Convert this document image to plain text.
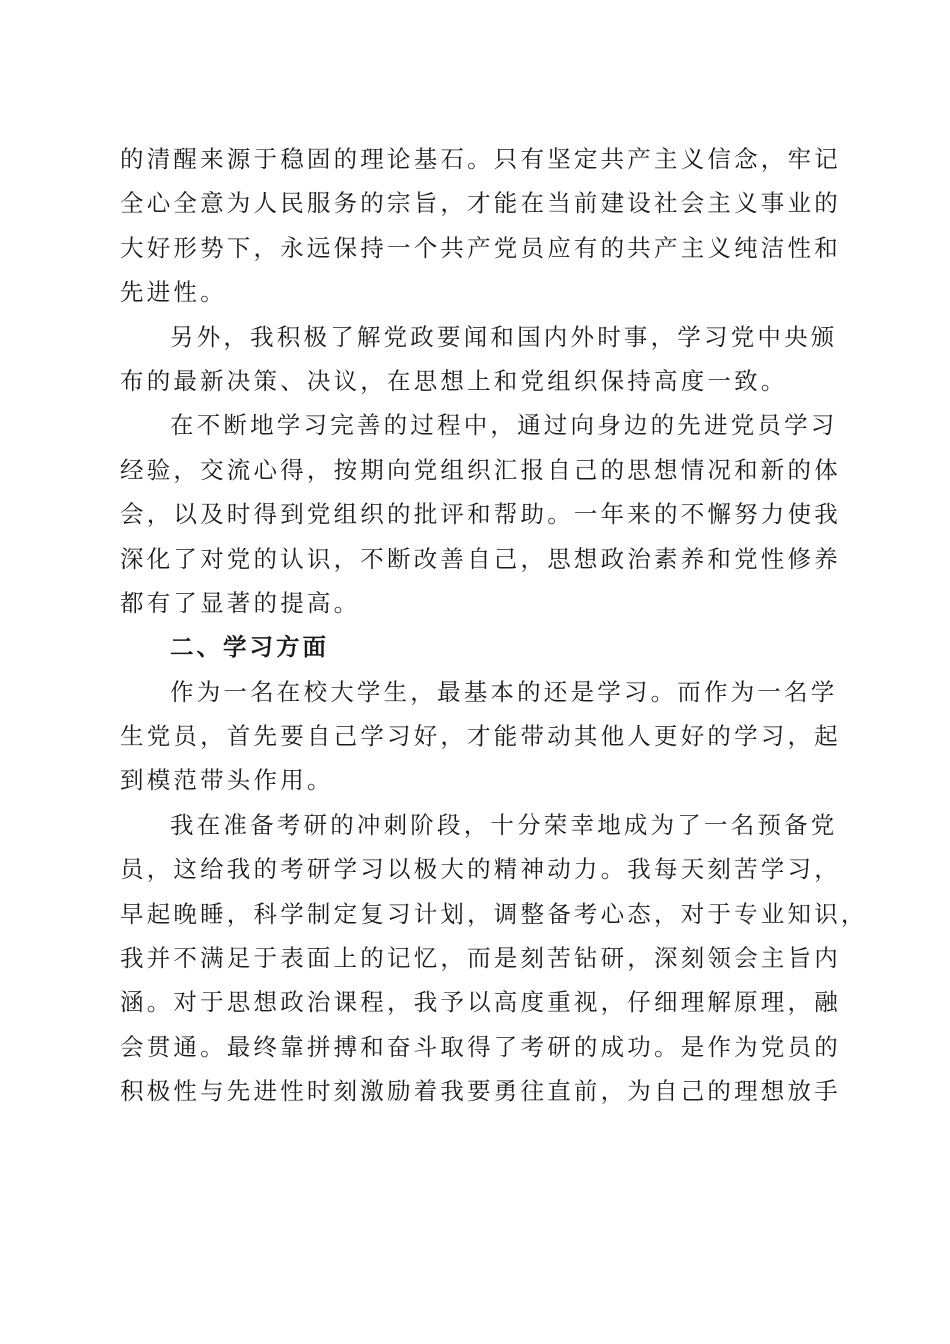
的清醒来源于稳固的理论基石。只有坚定共产主义信念，牢记
全心全意为人民服务的宗旨，才能在当前建设社会主义事业的
大好形势下，永远保持一个共产党员应有的共产主义纯洁性和
先进性。
另外，我积极了解党政要闻和国内外时事，学习党中央颁
布的最新决策、决议，在思想上和党组织保持高度一致。
在不断地学习完善的过程中，通过向身边的先进党员学习
经验，交流心得，按期向党组织汇报自己的思想情况和新的体
会，以及时得到党组织的批评和帮助。一年来的不懈努力使我
深化了对党的认识，不断改善自己，思想政治素养和党性修养
都有了显著的提高。
二、学习方面
作为一名在校大学生，最基本的还是学习。而作为一名学
生党员，首先要自己学习好，才能带动其他人更好的学习，起
到模范带头作用。
我在准备考研的冲刺阶段，十分荣幸地成为了一名预备党
员，这给我的考研学习以极大的精神动力。我每天刻苦学习，
早起晚睡，科学制定复习计划，调整备考心态，对于专业知识，
我并不满足于表面上的记忆，而是刻苦钻研，深刻领会主旨内
涵。对于思想政治课程，我予以高度重视，仔细理解原理，融
会贯通。最终靠拼搏和奋斗取得了考研的成功。是作为党员的
积极性与先进性时刻激励着我要勇往直前，为自己的理想放手
